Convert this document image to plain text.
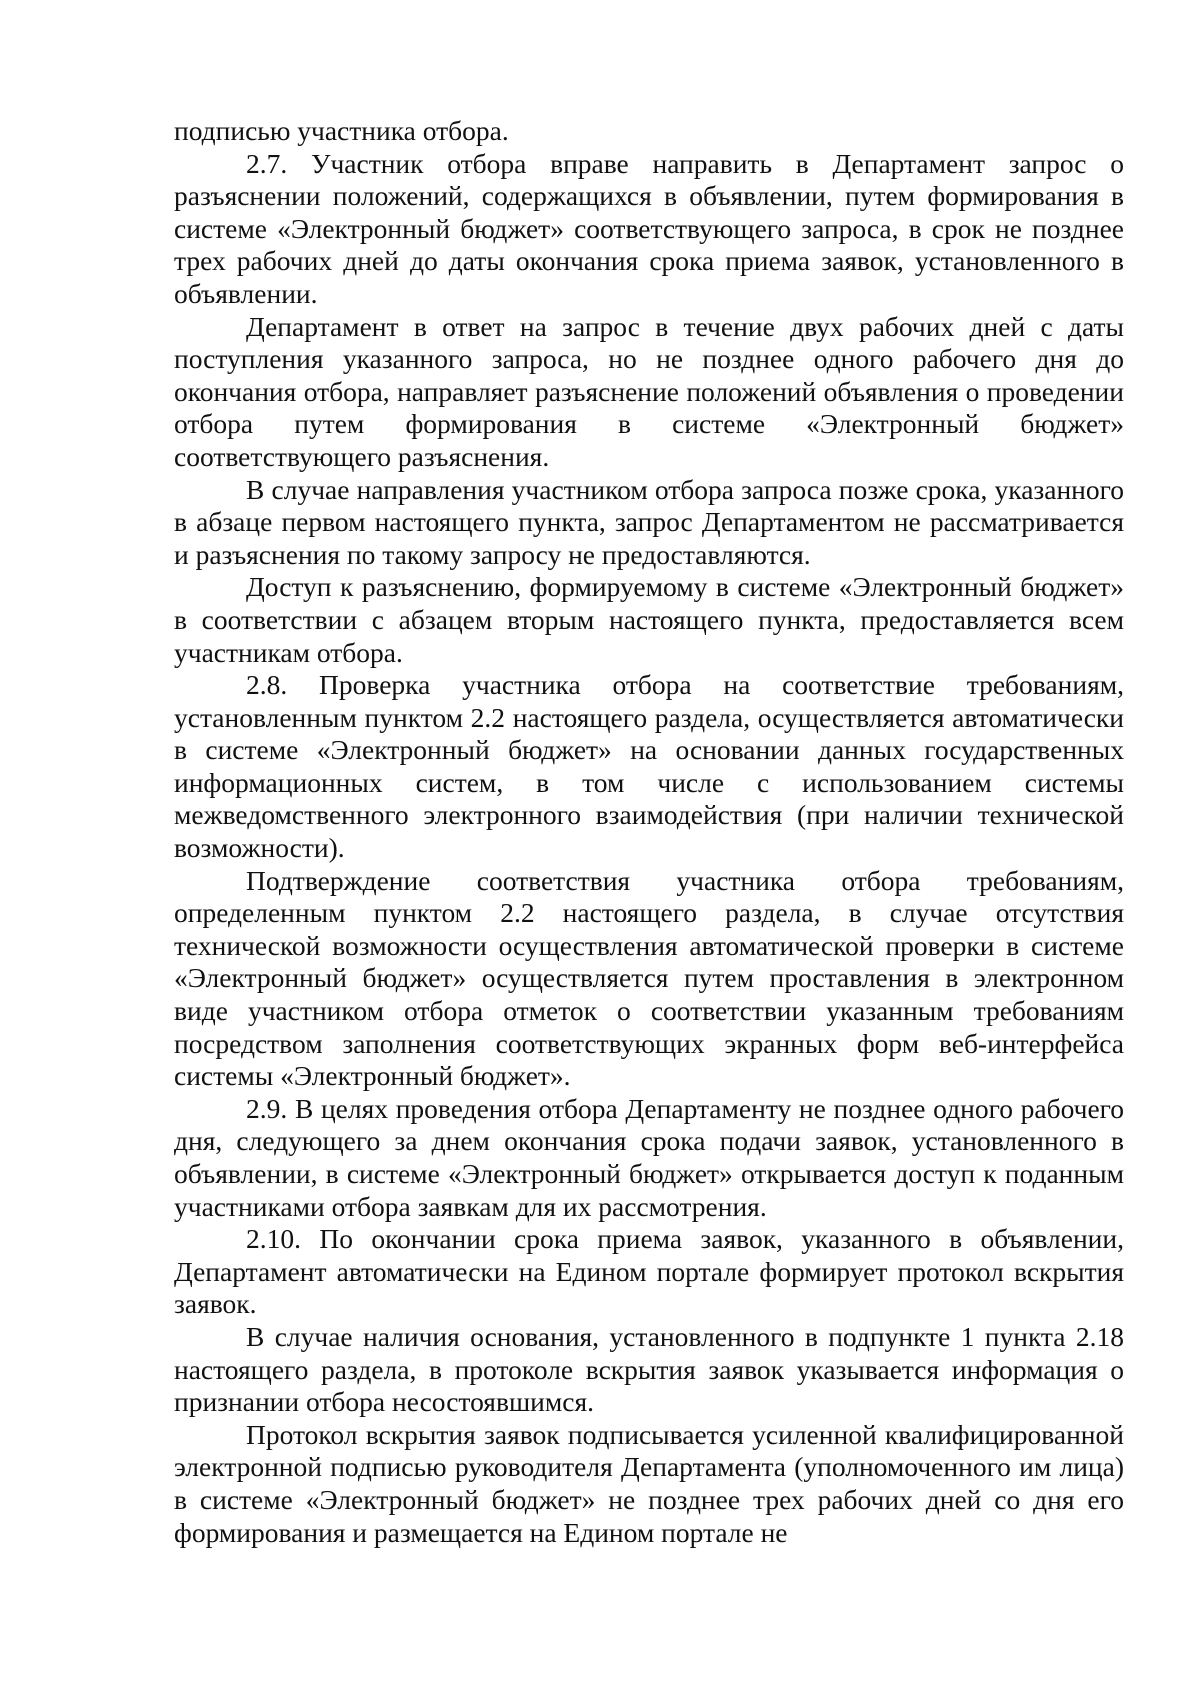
подписью участника отбора.

2.7. Участник отбора вправе направить в Департамент запрос о разъяснении положений, содержащихся в объявлении, путем формирования в системе «Электронный бюджет» соответствующего запроса, в срок не позднее трех рабочих дней до даты окончания срока приема заявок, установленного в объявлении.

Департамент в ответ на запрос в течение двух рабочих дней с даты поступления указанного запроса, но не позднее одного рабочего дня до окончания отбора, направляет разъяснение положений объявления о проведении отбора путем формирования в системе «Электронный бюджет» соответствующего разъяснения.

В случае направления участником отбора запроса позже срока, указанного в абзаце первом настоящего пункта, запрос Департаментом не рассматривается и разъяснения по такому запросу не предоставляются.

Доступ к разъяснению, формируемому в системе «Электронный бюджет» в соответствии с абзацем вторым настоящего пункта, предоставляется всем участникам отбора.

2.8. Проверка участника отбора на соответствие требованиям, установленным пунктом 2.2 настоящего раздела, осуществляется автоматически в системе «Электронный бюджет» на основании данных государственных информационных систем, в том числе с использованием системы межведомственного электронного взаимодействия (при наличии технической возможности).

Подтверждение соответствия участника отбора требованиям, определенным пунктом 2.2 настоящего раздела, в случае отсутствия технической возможности осуществления автоматической проверки в системе «Электронный бюджет» осуществляется путем проставления в электронном виде участником отбора отметок о соответствии указанным требованиям посредством заполнения соответствующих экранных форм веб-интерфейса системы «Электронный бюджет».

2.9. В целях проведения отбора Департаменту не позднее одного рабочего дня, следующего за днем окончания срока подачи заявок, установленного в объявлении, в системе «Электронный бюджет» открывается доступ к поданным участниками отбора заявкам для их рассмотрения.

2.10. По окончании срока приема заявок, указанного в объявлении, Департамент автоматически на Едином портале формирует протокол вскрытия заявок.

В случае наличия основания, установленного в подпункте 1 пункта 2.18 настоящего раздела, в протоколе вскрытия заявок указывается информация о признании отбора несостоявшимся.

Протокол вскрытия заявок подписывается усиленной квалифицированной электронной подписью руководителя Департамента (уполномоченного им лица) в системе «Электронный бюджет» не позднее трех рабочих дней со дня его формирования и размещается на Едином портале не
